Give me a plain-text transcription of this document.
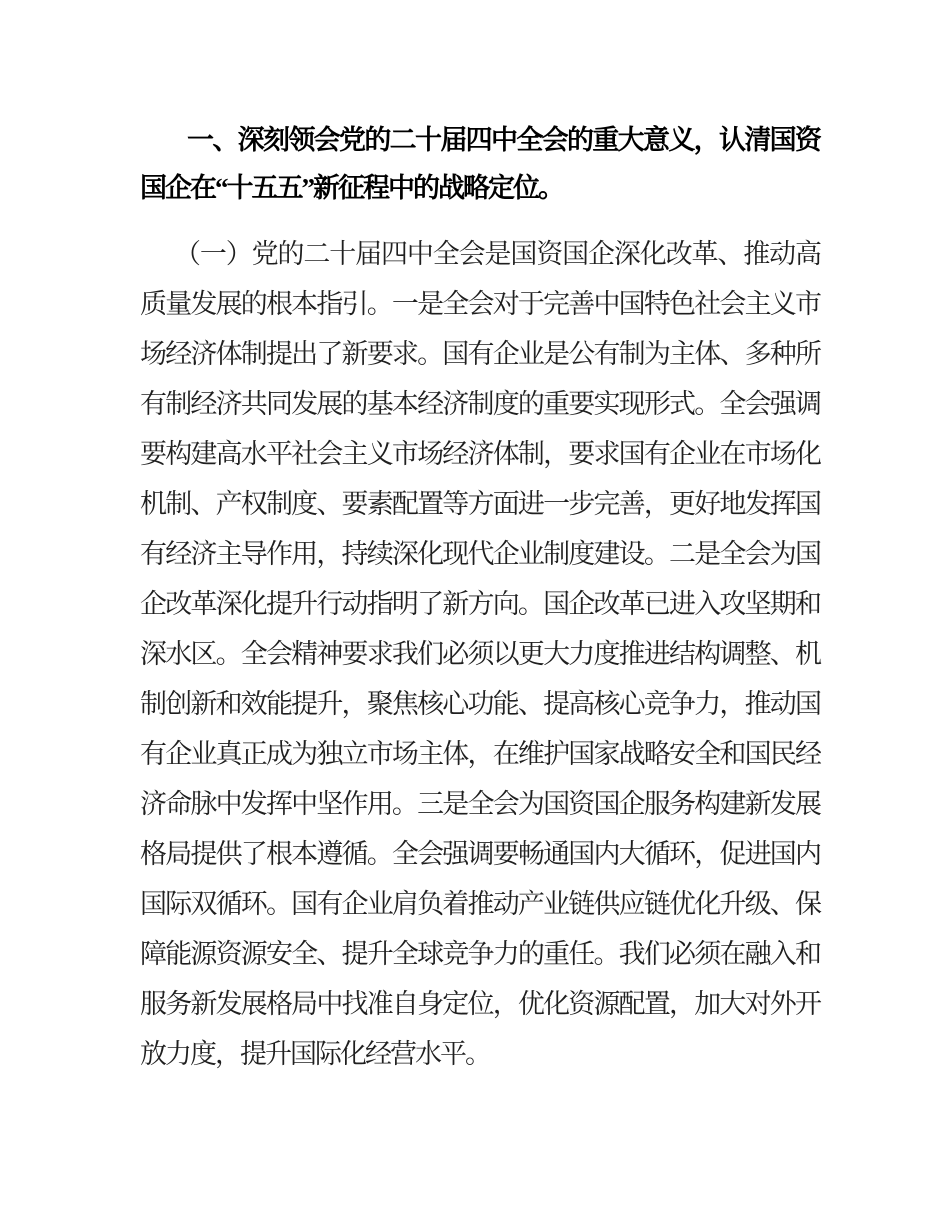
一、深刻领会党的二十届四中全会的重大意义，认清国资
国企在“十五五”新征程中的战略定位。
（一）党的二十届四中全会是国资国企深化改革、推动高
质量发展的根本指引。一是全会对于完善中国特色社会主义市
场经济体制提出了新要求。国有企业是公有制为主体、多种所
有制经济共同发展的基本经济制度的重要实现形式。全会强调
要构建高水平社会主义市场经济体制，要求国有企业在市场化
机制、产权制度、要素配置等方面进一步完善，更好地发挥国
有经济主导作用，持续深化现代企业制度建设。二是全会为国
企改革深化提升行动指明了新方向。国企改革已进入攻坚期和
深水区。全会精神要求我们必须以更大力度推进结构调整、机
制创新和效能提升，聚焦核心功能、提高核心竞争力，推动国
有企业真正成为独立市场主体，在维护国家战略安全和国民经
济命脉中发挥中坚作用。三是全会为国资国企服务构建新发展
格局提供了根本遵循。全会强调要畅通国内大循环，促进国内
国际双循环。国有企业肩负着推动产业链供应链优化升级、保
障能源资源安全、提升全球竞争力的重任。我们必须在融入和
服务新发展格局中找准自身定位，优化资源配置，加大对外开
放力度，提升国际化经营水平。
